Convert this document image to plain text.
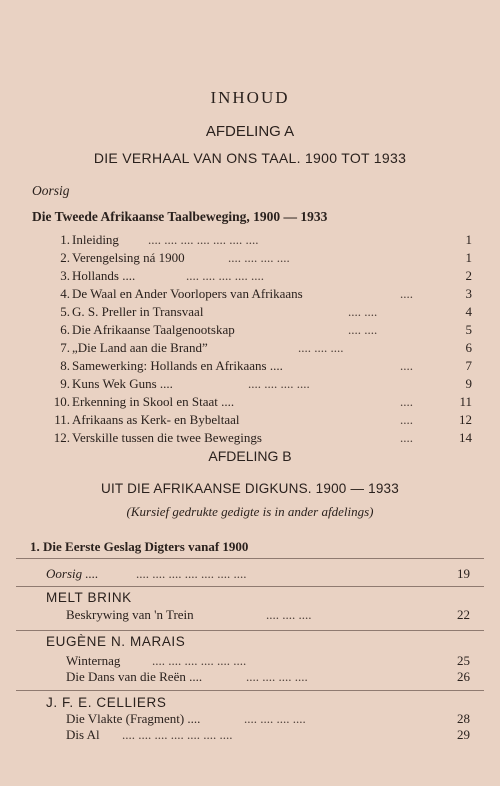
INHOUD
AFDELING A
DIE VERHAAL VAN ONS TAAL. 1900 TOT 1933
Oorsig
Die Tweede Afrikaanse Taalbeweging, 1900 — 1933
1. Inleiding .... .... .... .... .... .... ....	1
2. Verengelsing ná 1900	.... .... .... ....	1
3. Hollands ....	.... .... .... .... ....	2
4. De Waal en Ander Voorlopers van Afrikaans	....	3
5. G. S. Preller in Transvaal	.... ....	4
6. Die Afrikaanse Taalgenootskap	.... ....	5
7. „Die Land aan die Brand”	.... .... ....	6
8. Samewerking: Hollands en Afrikaans ....	....	7
9. Kuns Wek Guns ....	.... .... .... ....	9
10. Erkenning in Skool en Staat ....	....	11
11. Afrikaans as Kerk- en Bybeltaal	....	12
12. Verskille tussen die twee Bewegings	....	14
AFDELING B
UIT DIE AFRIKAANSE DIGKUNS. 1900 — 1933
(Kursief gedrukte gedigte is in ander afdelings)
1. Die Eerste Geslag Digters vanaf 1900
Oorsig ....	.... .... .... .... .... .... ....	19
MELT BRINK
Beskrywing van 'n Trein	.... .... ....	22
EUGÈNE N. MARAIS
Winternag .... .... .... .... .... ....	25
Die Dans van die Reën ....	.... .... .... ....	26
J. F. E. CELLIERS
Die Vlakte (Fragment) ....	.... .... .... ....	28
Dis Al .... .... .... .... .... .... ....	29
